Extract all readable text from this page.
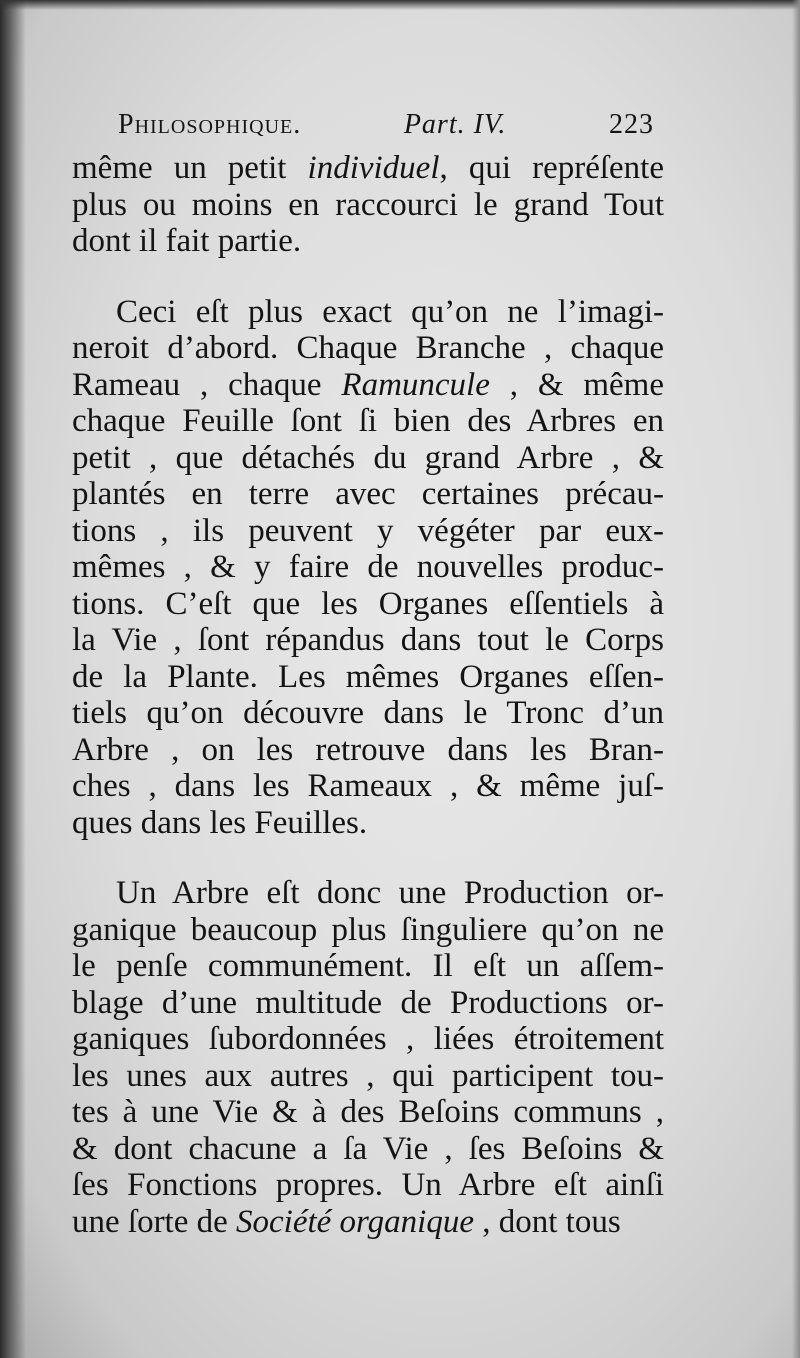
Philosophique.	Part. IV.	223
même un petit individuel, qui repréſente
plus ou moins en raccourci le grand Tout
dont il fait partie.
Ceci eſt plus exact qu’on ne l’imagi-
neroit d’abord. Chaque Branche , chaque
Rameau , chaque Ramuncule , & même
chaque Feuille ſont ſi bien des Arbres en
petit , que détachés du grand Arbre , &
plantés en terre avec certaines précau-
tions , ils peuvent y végéter par eux-
mêmes , & y faire de nouvelles produc-
tions. C’eſt que les Organes eſſentiels à
la Vie , ſont répandus dans tout le Corps
de la Plante. Les mêmes Organes eſſen-
tiels qu’on découvre dans le Tronc d’un
Arbre , on les retrouve dans les Bran-
ches , dans les Rameaux , & même juſ-
ques dans les Feuilles.
Un Arbre eſt donc une Production or-
ganique beaucoup plus ſinguliere qu’on ne
le penſe communément. Il eſt un aſſem-
blage d’une multitude de Productions or-
ganiques ſubordonnées , liées étroitement
les unes aux autres , qui participent tou-
tes à une Vie & à des Beſoins communs ,
& dont chacune a ſa Vie , ſes Beſoins &
ſes Fonctions propres. Un Arbre eſt ainſi
une ſorte de Société organique , dont tous
